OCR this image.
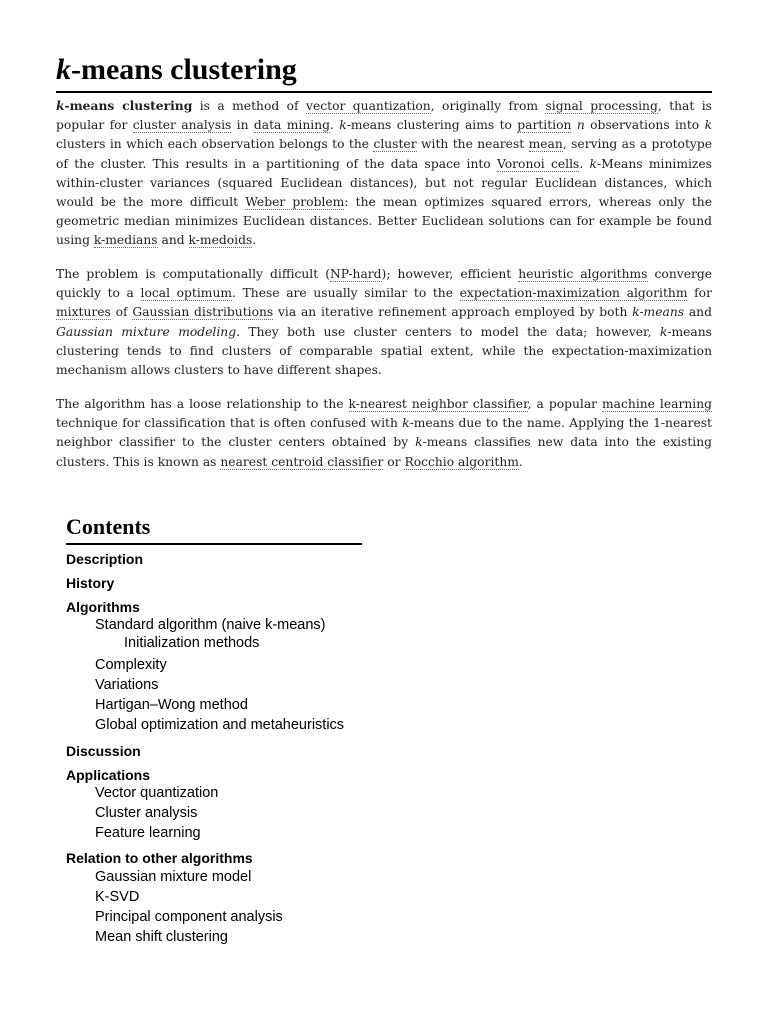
k-means clustering

k-means clustering is a method of vector quantization, originally from signal processing, that is popular for cluster analysis in data mining. k-means clustering aims to partition n observations into k clusters in which each observation belongs to the cluster with the nearest mean, serving as a prototype of the cluster. This results in a partitioning of the data space into Voronoi cells. k-Means minimizes within-cluster variances (squared Euclidean distances), but not regular Euclidean distances, which would be the more difficult Weber problem: the mean optimizes squared errors, whereas only the geometric median minimizes Euclidean distances. Better Euclidean solutions can for example be found using k-medians and k-medoids.

The problem is computationally difficult (NP-hard); however, efficient heuristic algorithms converge quickly to a local optimum. These are usually similar to the expectation-maximization algorithm for mixtures of Gaussian distributions via an iterative refinement approach employed by both k-means and Gaussian mixture modeling. They both use cluster centers to model the data; however, k-means clustering tends to find clusters of comparable spatial extent, while the expectation-maximization mechanism allows clusters to have different shapes.

The algorithm has a loose relationship to the k-nearest neighbor classifier, a popular machine learning technique for classification that is often confused with k-means due to the name. Applying the 1-nearest neighbor classifier to the cluster centers obtained by k-means classifies new data into the existing clusters. This is known as nearest centroid classifier or Rocchio algorithm.

Contents
Description
History
Algorithms
Standard algorithm (naive k-means)
Initialization methods
Complexity
Variations
Hartigan–Wong method
Global optimization and metaheuristics
Discussion
Applications
Vector quantization
Cluster analysis
Feature learning
Relation to other algorithms
Gaussian mixture model
K-SVD
Principal component analysis
Mean shift clustering
